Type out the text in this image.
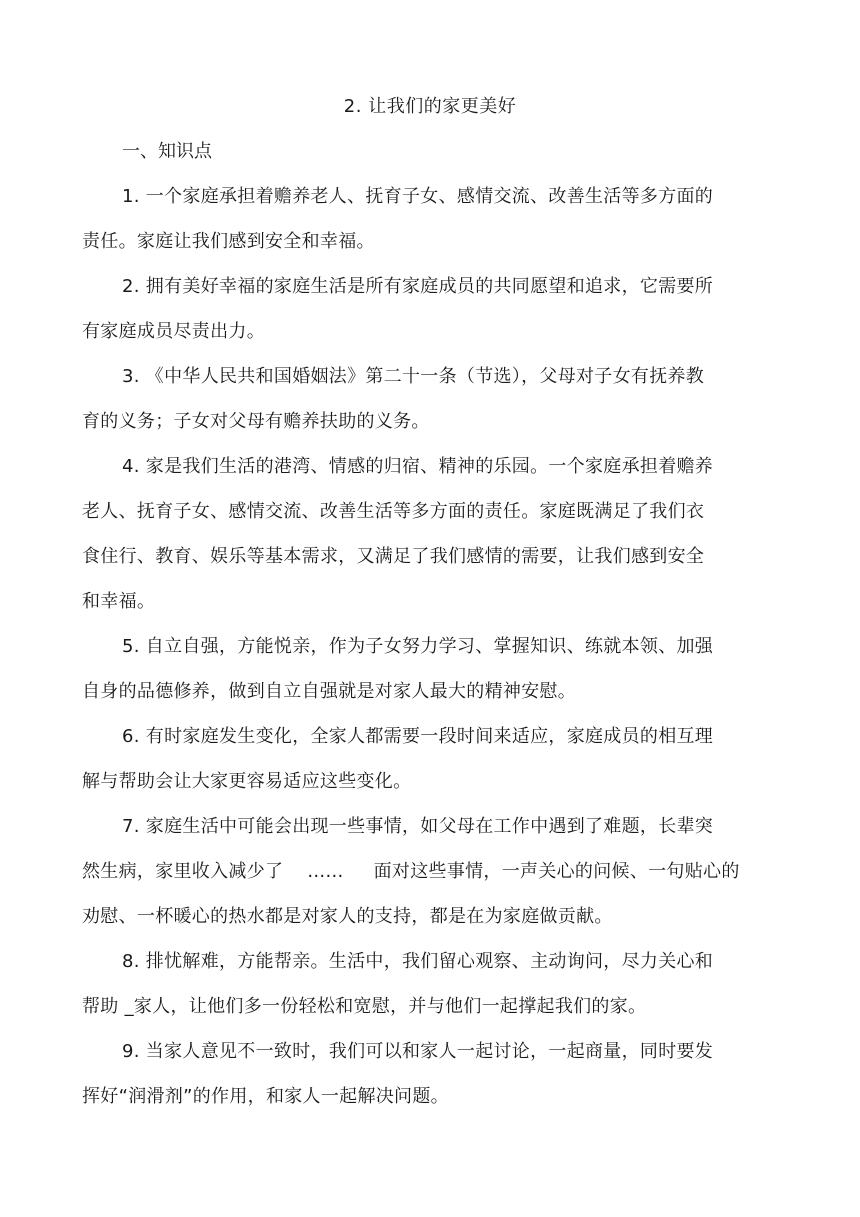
2. 让我们的家更美好
一、知识点
1. 一个家庭承担着赡养老人、抚育子女、感情交流、改善生活等多方面的
责任。家庭让我们感到安全和幸福。
2. 拥有美好幸福的家庭生活是所有家庭成员的共同愿望和追求，它需要所
有家庭成员尽责出力。
3. 《中华人民共和国婚姻法》第二十一条（节选），父母对子女有抚养教
育的义务；子女对父母有赡养扶助的义务。
4. 家是我们生活的港湾、情感的归宿、精神的乐园。一个家庭承担着赡养
老人、抚育子女、感情交流、改善生活等多方面的责任。家庭既满足了我们衣
食住行、教育、娱乐等基本需求，又满足了我们感情的需要，让我们感到安全
和幸福。
5. 自立自强，方能悦亲，作为子女努力学习、掌握知识、练就本领、加强
自身的品德修养，做到自立自强就是对家人最大的精神安慰。
6. 有时家庭发生变化，全家人都需要一段时间来适应，家庭成员的相互理
解与帮助会让大家更容易适应这些变化。
7. 家庭生活中可能会出现一些事情，如父母在工作中遇到了难题，长辈突
然生病，家里收入减少了    ......     面对这些事情，一声关心的问候、一句贴心的
劝慰、一杯暖心的热水都是对家人的支持，都是在为家庭做贡献。
8. 排忧解难，方能帮亲。生活中，我们留心观察、主动询问，尽力关心和
帮助 _家人，让他们多一份轻松和宽慰，并与他们一起撑起我们的家。
9. 当家人意见不一致时，我们可以和家人一起讨论，一起商量，同时要发
挥好“润滑剂”的作用，和家人一起解决问题。
